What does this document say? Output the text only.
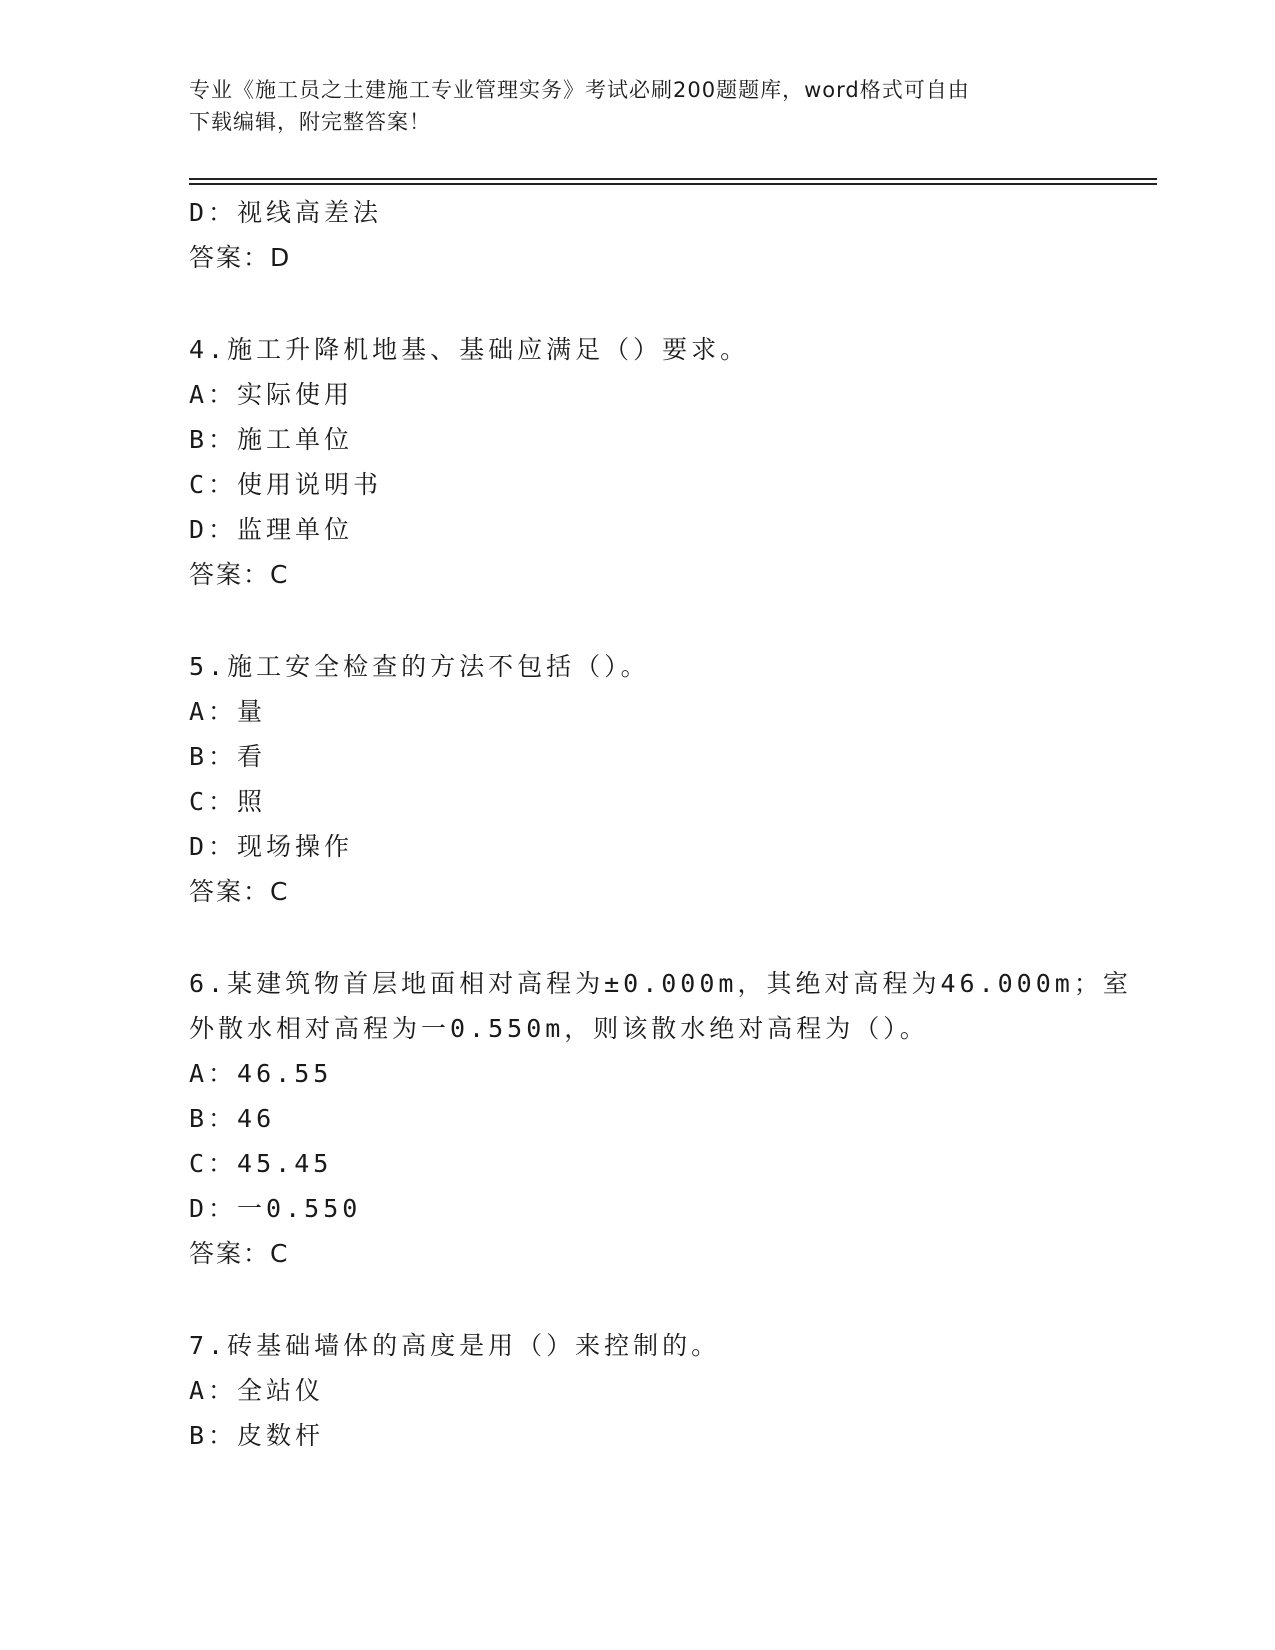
专业《施工员之土建施工专业管理实务》考试必刷200题题库，word格式可自由
下载编辑，附完整答案！
D：视线高差法
答案：D
4.施工升降机地基、基础应满足（）要求。
A：实际使用
B：施工单位
C：使用说明书
D：监理单位
答案：C
5.施工安全检查的方法不包括（）。
A：量
B：看
C：照
D：现场操作
答案：C
6.某建筑物首层地面相对高程为±0.000m，其绝对高程为46.000m；室
外散水相对高程为一0.550m，则该散水绝对高程为（）。
A：46.55
B：46
C：45.45
D：一0.550
答案：C
7.砖基础墙体的高度是用（）来控制的。
A：全站仪
B：皮数杆
